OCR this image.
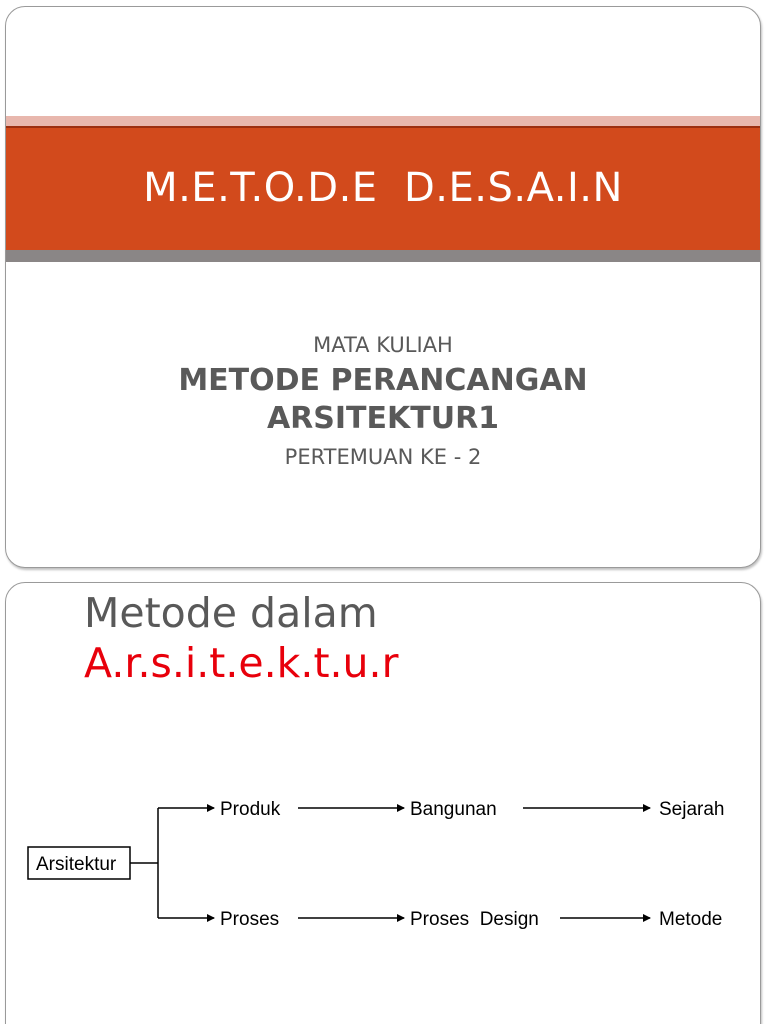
M.E.T.O.D.E  D.E.S.A.I.N
MATA KULIAH
METODE PERANCANGAN
ARSITEKTUR1
PERTEMUAN KE - 2
Metode dalam
A.r.s.i.t.e.k.t.u.r
Arsitektur
Produk	Bangunan	Sejarah
Proses	Proses  Design	Metode
